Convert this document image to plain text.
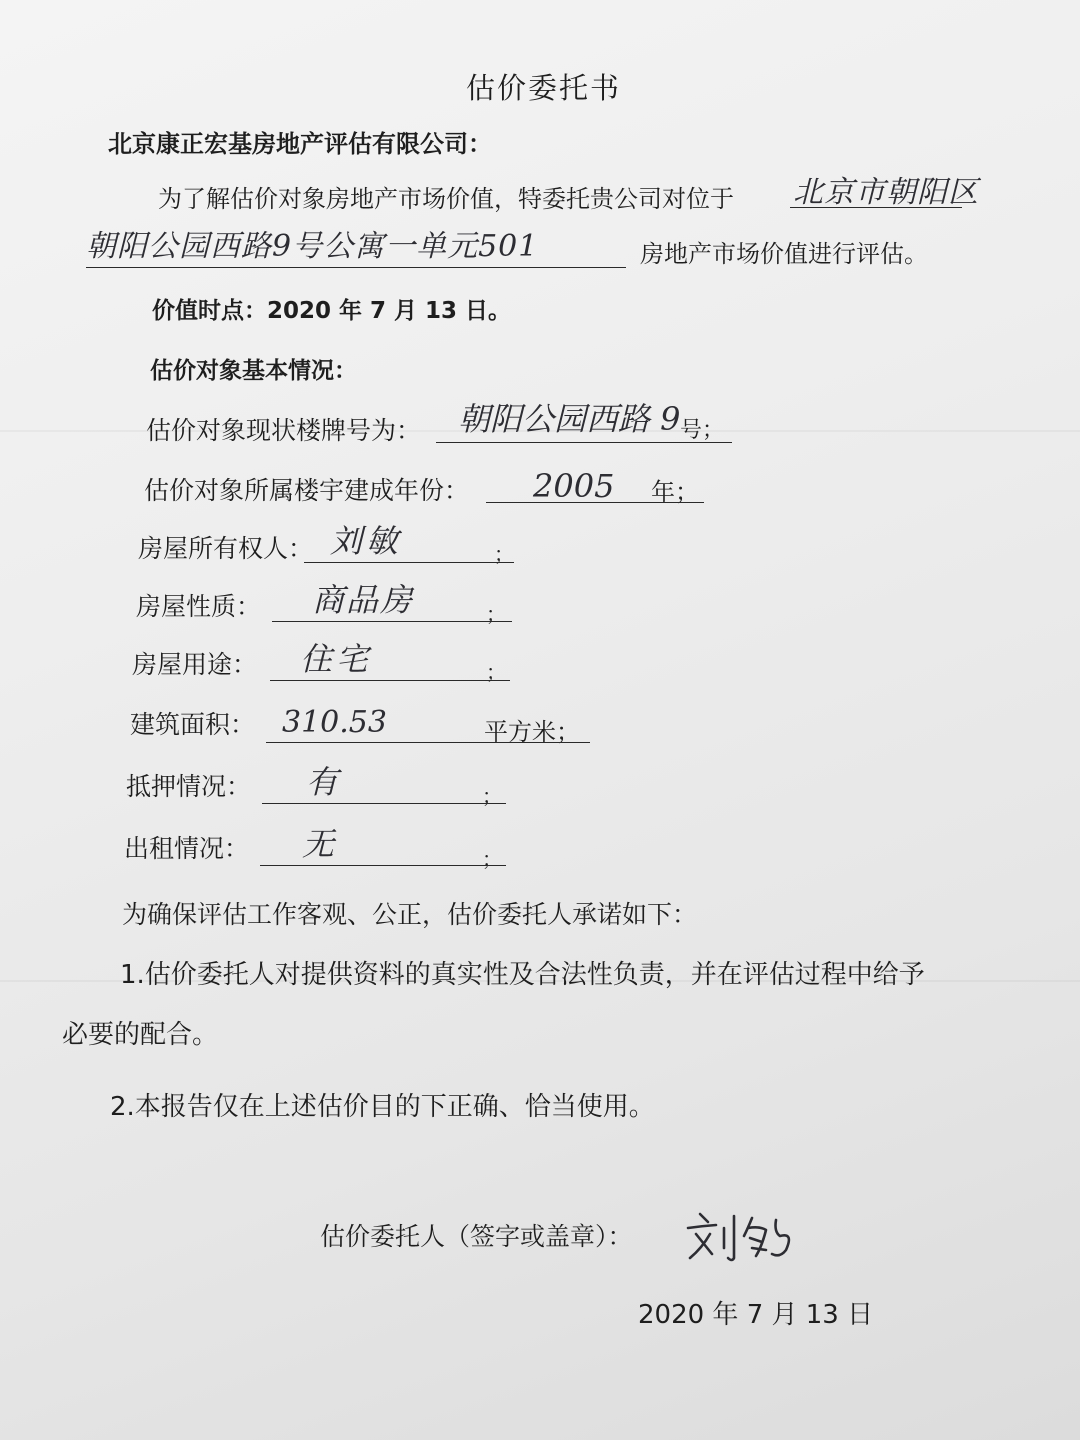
估价委托书
北京康正宏基房地产评估有限公司：
为了解估价对象房地产市场价值，特委托贵公司对位于 北京市朝阳区
朝阳公园西路9号公寓一单元501	房地产市场价值进行评估。
价值时点：2020 年 7 月 13 日。
估价对象基本情况：
估价对象现状楼牌号为： 朝阳公园西路 9 号；
估价对象所属楼宇建成年份： 2005 年；
房屋所有权人： 刘敏	；
房屋性质： 商品房	；
房屋用途： 住宅	；
建筑面积： 310.53	平方米；
抵押情况： 有	；
出租情况： 无	；
为确保评估工作客观、公正，估价委托人承诺如下：
1.估价委托人对提供资料的真实性及合法性负责，并在评估过程中给予
必要的配合。
2.本报告仅在上述估价目的下正确、恰当使用。
估价委托人（签字或盖章）：
2020 年 7 月 13 日
